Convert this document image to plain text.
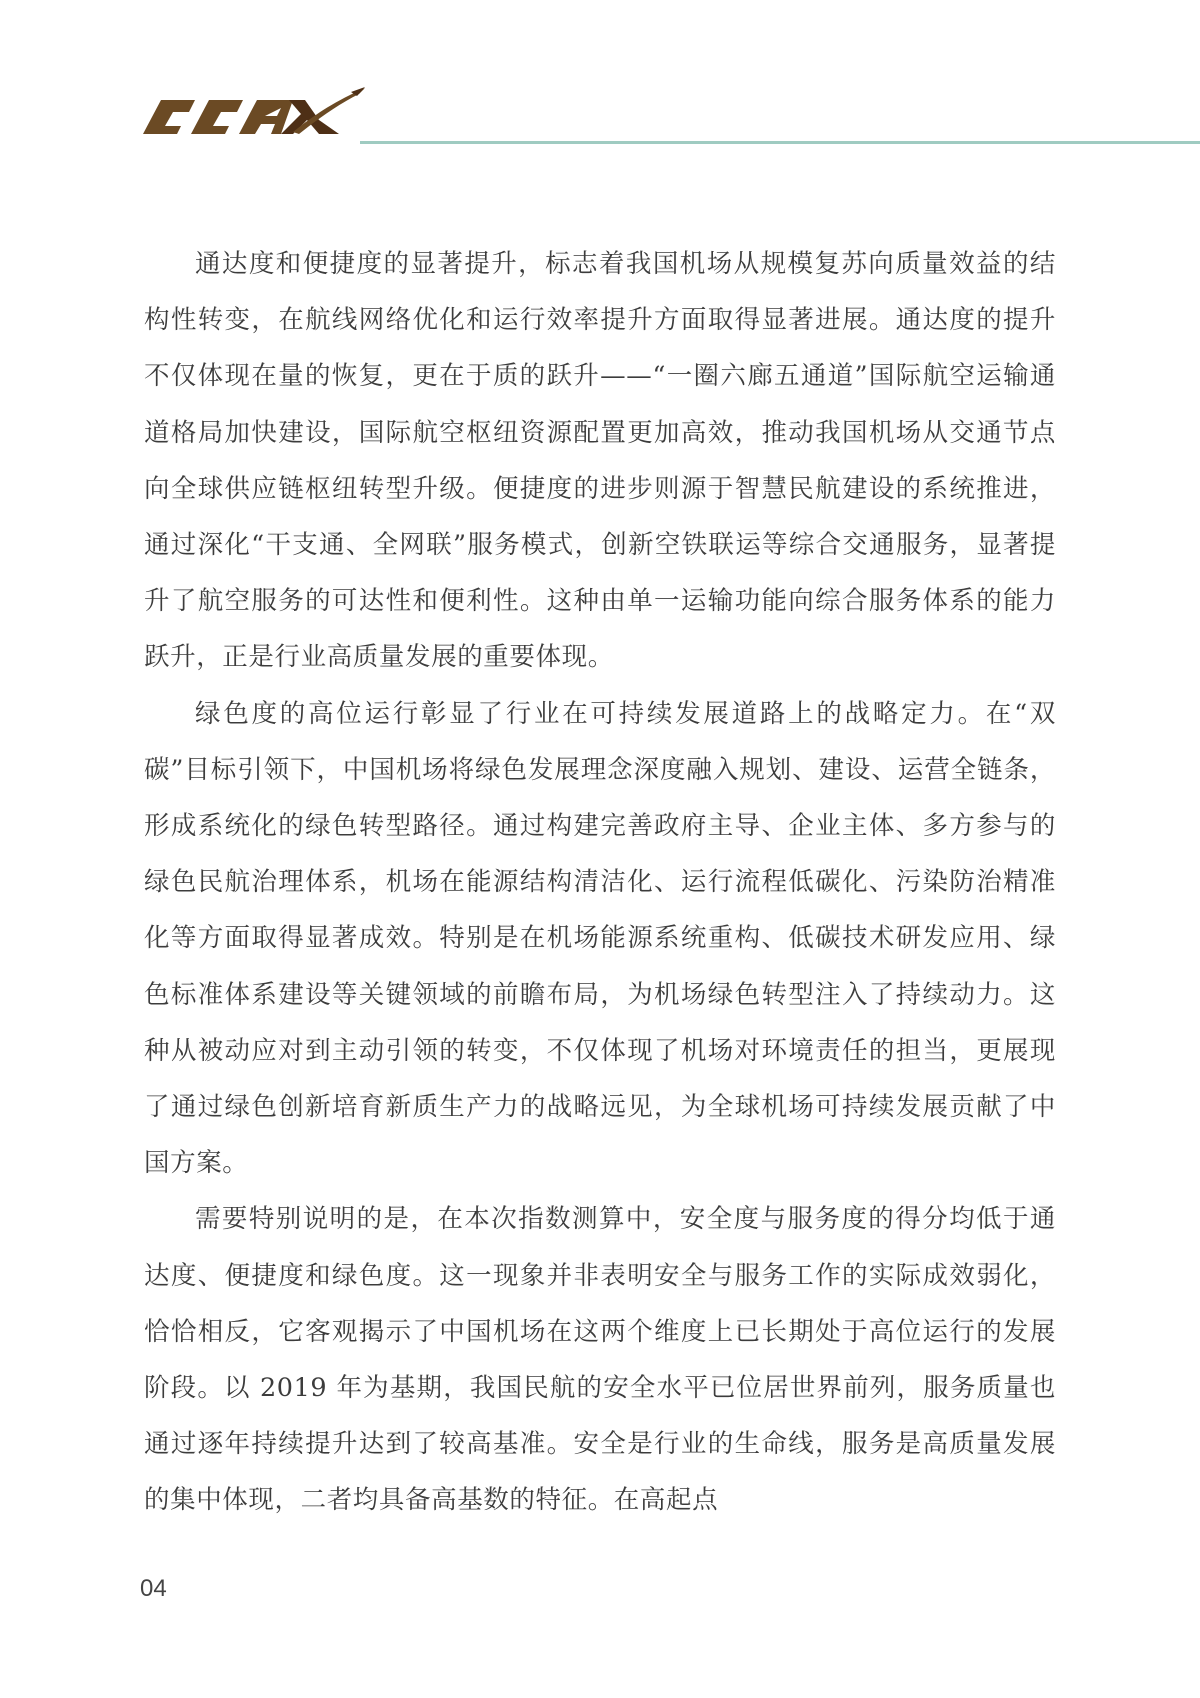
通达度和便捷度的显著提升，标志着我国机场从规模复苏向质量效益的结构性转变，在航线网络优化和运行效率提升方面取得显著进展。通达度的提升不仅体现在量的恢复，更在于质的跃升——“一圈六廊五通道”国际航空运输通道格局加快建设，国际航空枢纽资源配置更加高效，推动我国机场从交通节点向全球供应链枢纽转型升级。便捷度的进步则源于智慧民航建设的系统推进，通过深化“干支通、全网联”服务模式，创新空铁联运等综合交通服务，显著提升了航空服务的可达性和便利性。这种由单一运输功能向综合服务体系的能力跃升，正是行业高质量发展的重要体现。

绿色度的高位运行彰显了行业在可持续发展道路上的战略定力。在“双碳”目标引领下，中国机场将绿色发展理念深度融入规划、建设、运营全链条，形成系统化的绿色转型路径。通过构建完善政府主导、企业主体、多方参与的绿色民航治理体系，机场在能源结构清洁化、运行流程低碳化、污染防治精准化等方面取得显著成效。特别是在机场能源系统重构、低碳技术研发应用、绿色标准体系建设等关键领域的前瞻布局，为机场绿色转型注入了持续动力。这种从被动应对到主动引领的转变，不仅体现了机场对环境责任的担当，更展现了通过绿色创新培育新质生产力的战略远见，为全球机场可持续发展贡献了中国方案。

需要特别说明的是，在本次指数测算中，安全度与服务度的得分均低于通达度、便捷度和绿色度。这一现象并非表明安全与服务工作的实际成效弱化，恰恰相反，它客观揭示了中国机场在这两个维度上已长期处于高位运行的发展阶段。以 2019 年为基期，我国民航的安全水平已位居世界前列，服务质量也通过逐年持续提升达到了较高基准。安全是行业的生命线，服务是高质量发展的集中体现，二者均具备高基数的特征。在高起点

04
